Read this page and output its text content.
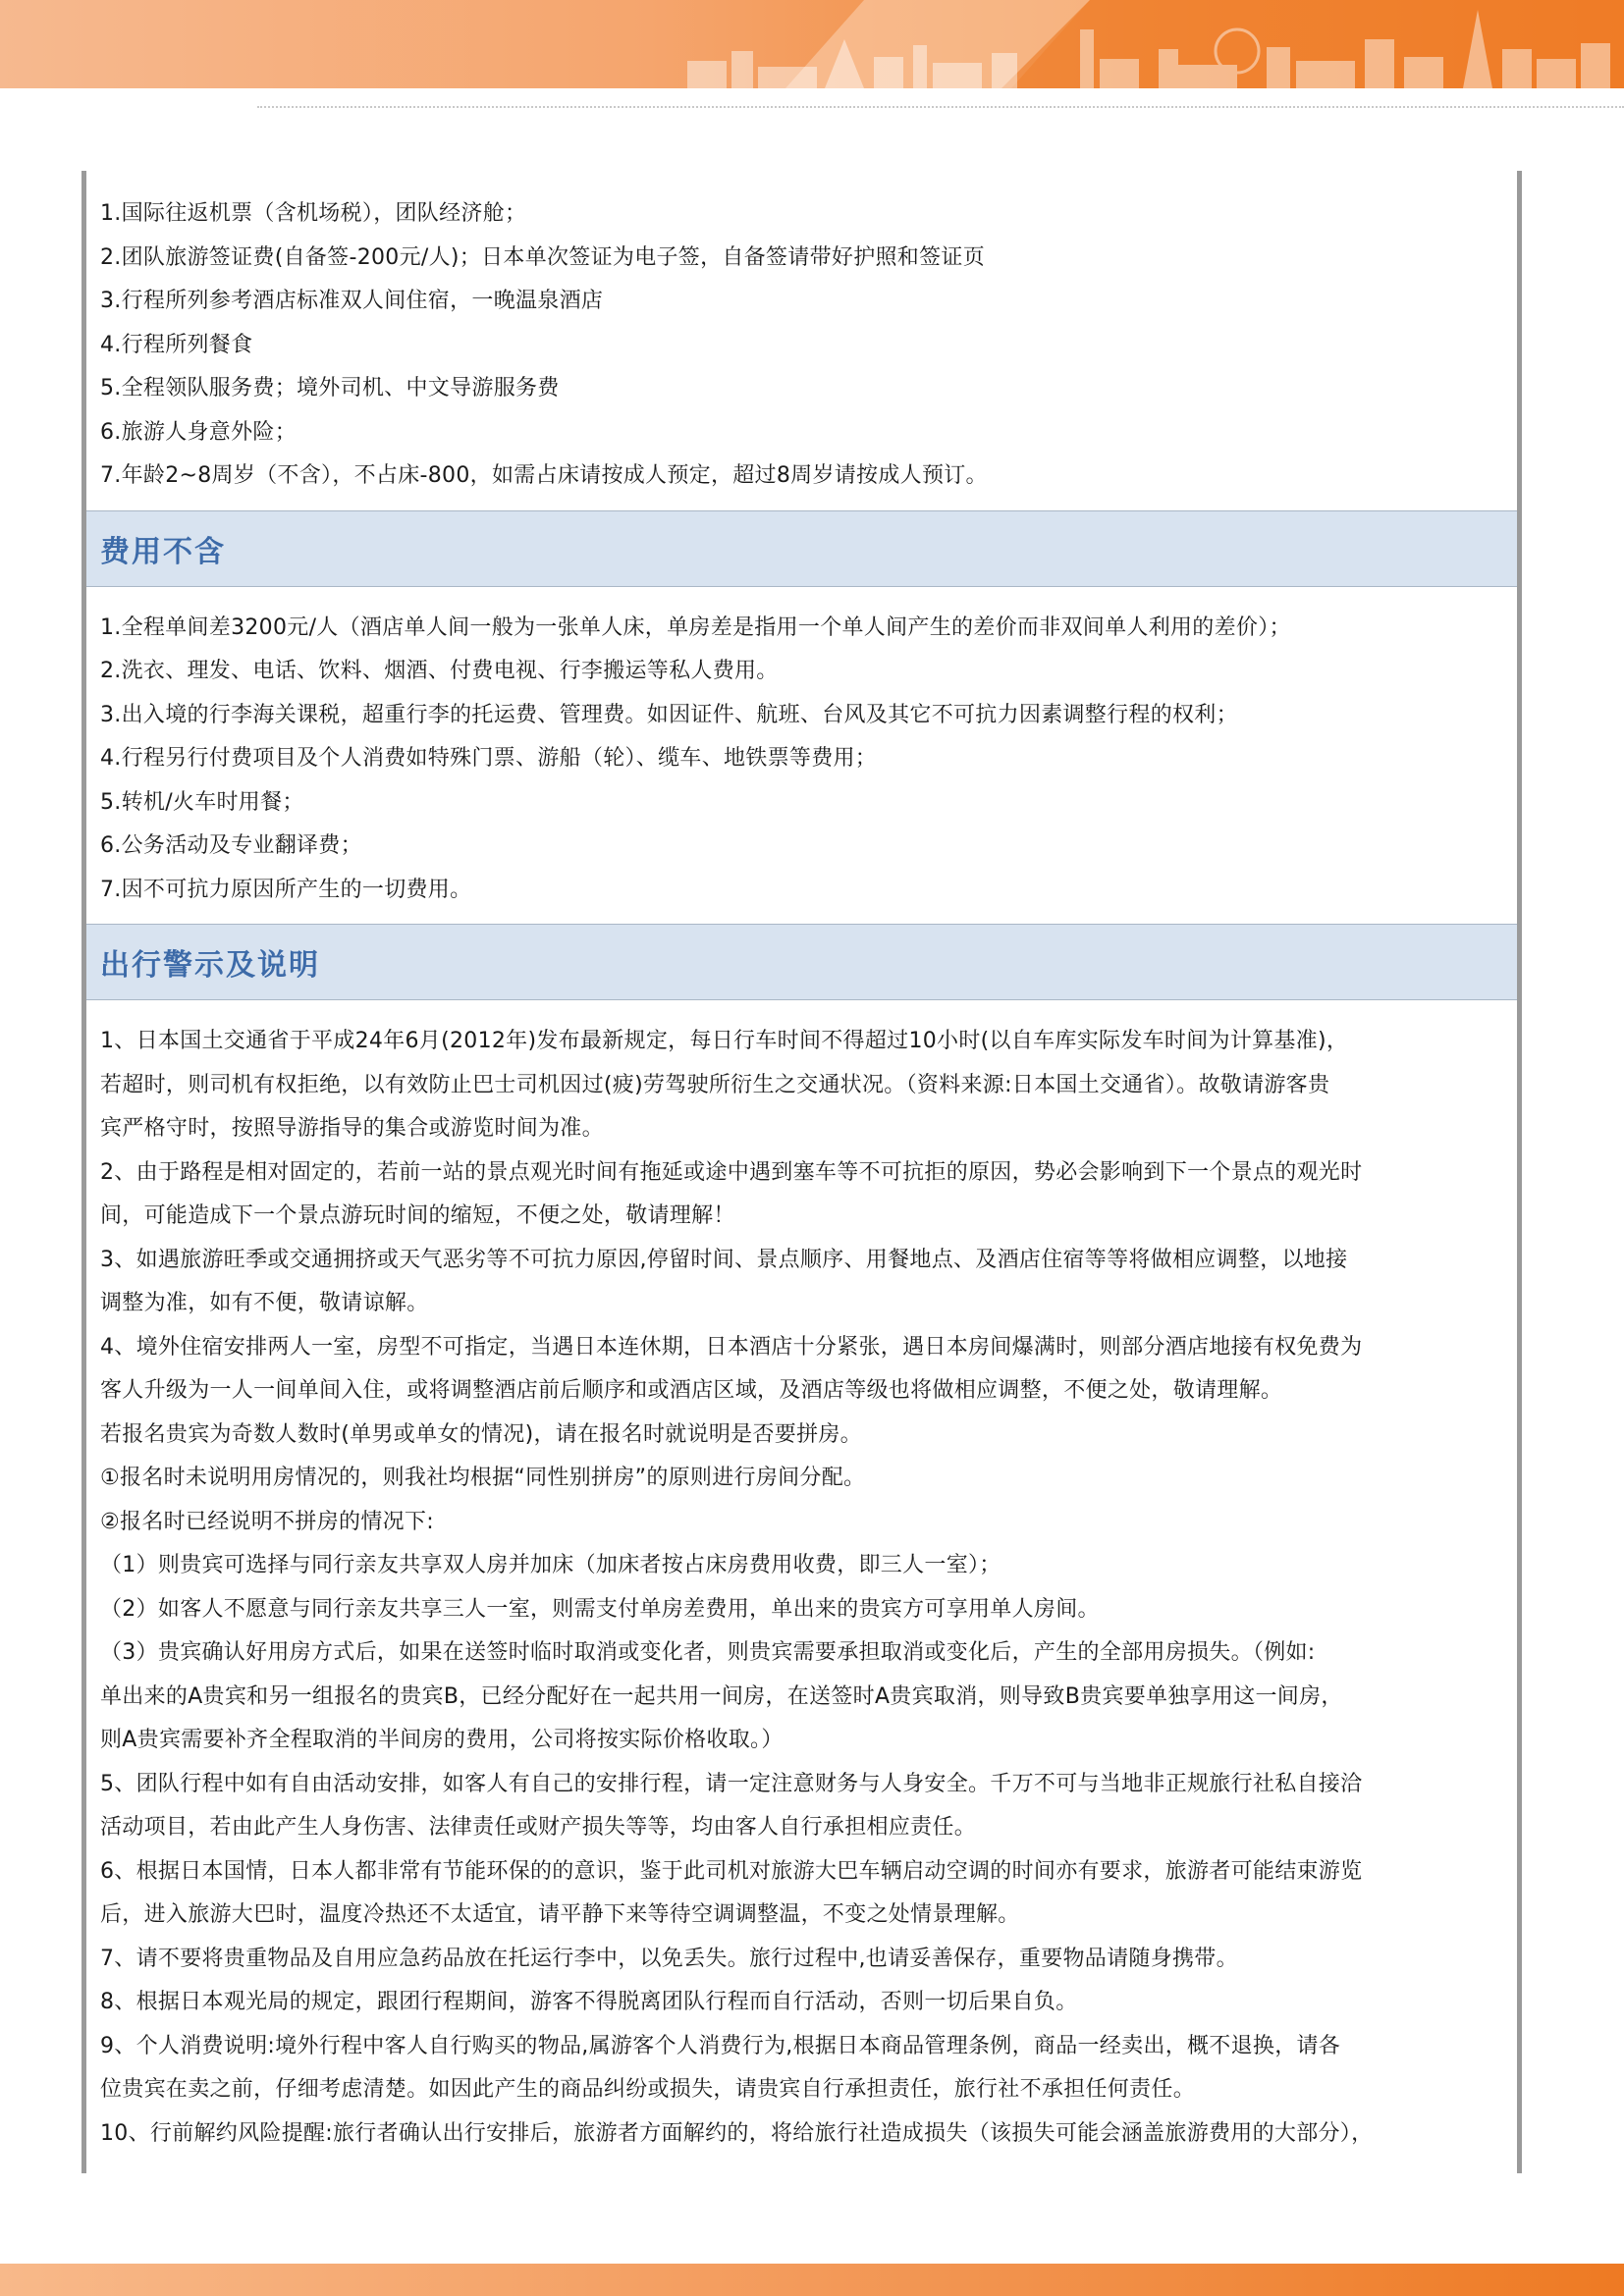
1.国际往返机票（含机场税），团队经济舱；
2.团队旅游签证费(自备签-200元/人)；日本单次签证为电子签，自备签请带好护照和签证页
3.行程所列参考酒店标准双人间住宿，一晚温泉酒店
4.行程所列餐食
5.全程领队服务费；境外司机、中文导游服务费
6.旅游人身意外险；
7.年龄2~8周岁（不含），不占床-800，如需占床请按成人预定，超过8周岁请按成人预订。
费用不含
1.全程单间差3200元/人（酒店单人间一般为一张单人床，单房差是指用一个单人间产生的差价而非双间单人利用的差价）；
2.洗衣、理发、电话、饮料、烟酒、付费电视、行李搬运等私人费用。
3.出入境的行李海关课税，超重行李的托运费、管理费。如因证件、航班、台风及其它不可抗力因素调整行程的权利；
4.行程另行付费项目及个人消费如特殊门票、游船（轮）、缆车、地铁票等费用；
5.转机/火车时用餐；
6.公务活动及专业翻译费；
7.因不可抗力原因所产生的一切费用。
出行警示及说明
1、日本国土交通省于平成24年6月(2012年)发布最新规定，每日行车时间不得超过10小时(以自车库实际发车时间为计算基准)，
若超时，则司机有权拒绝，以有效防止巴士司机因过(疲)劳驾驶所衍生之交通状况。（资料来源:日本国土交通省）。故敬请游客贵
宾严格守时，按照导游指导的集合或游览时间为准。
2、由于路程是相对固定的，若前一站的景点观光时间有拖延或途中遇到塞车等不可抗拒的原因，势必会影响到下一个景点的观光时
间，可能造成下一个景点游玩时间的缩短，不便之处，敬请理解！
3、如遇旅游旺季或交通拥挤或天气恶劣等不可抗力原因,停留时间、景点顺序、用餐地点、及酒店住宿等等将做相应调整，以地接
调整为准，如有不便，敬请谅解。
4、境外住宿安排两人一室，房型不可指定，当遇日本连休期，日本酒店十分紧张，遇日本房间爆满时，则部分酒店地接有权免费为
客人升级为一人一间单间入住，或将调整酒店前后顺序和或酒店区域，及酒店等级也将做相应调整，不便之处，敬请理解。
若报名贵宾为奇数人数时(单男或单女的情况)，请在报名时就说明是否要拼房。
①报名时未说明用房情况的，则我社均根据“同性别拼房”的原则进行房间分配。
②报名时已经说明不拼房的情况下:
（1）则贵宾可选择与同行亲友共享双人房并加床（加床者按占床房费用收费，即三人一室）；
（2）如客人不愿意与同行亲友共享三人一室，则需支付单房差费用，单出来的贵宾方可享用单人房间。
（3）贵宾确认好用房方式后，如果在送签时临时取消或变化者，则贵宾需要承担取消或变化后，产生的全部用房损失。（例如:
单出来的A贵宾和另一组报名的贵宾B，已经分配好在一起共用一间房，在送签时A贵宾取消，则导致B贵宾要单独享用这一间房，
则A贵宾需要补齐全程取消的半间房的费用，公司将按实际价格收取。）
5、团队行程中如有自由活动安排，如客人有自己的安排行程，请一定注意财务与人身安全。千万不可与当地非正规旅行社私自接洽
活动项目，若由此产生人身伤害、法律责任或财产损失等等，均由客人自行承担相应责任。
6、根据日本国情，日本人都非常有节能环保的的意识，鉴于此司机对旅游大巴车辆启动空调的时间亦有要求，旅游者可能结束游览
后，进入旅游大巴时，温度冷热还不太适宜，请平静下来等待空调调整温，不变之处情景理解。
7、请不要将贵重物品及自用应急药品放在托运行李中，以免丢失。旅行过程中,也请妥善保存，重要物品请随身携带。
8、根据日本观光局的规定，跟团行程期间，游客不得脱离团队行程而自行活动，否则一切后果自负。
9、个人消费说明:境外行程中客人自行购买的物品,属游客个人消费行为,根据日本商品管理条例，商品一经卖出，概不退换，请各
位贵宾在卖之前，仔细考虑清楚。如因此产生的商品纠纷或损失，请贵宾自行承担责任，旅行社不承担任何责任。
10、行前解约风险提醒:旅行者确认出行安排后，旅游者方面解约的，将给旅行社造成损失（该损失可能会涵盖旅游费用的大部分），
